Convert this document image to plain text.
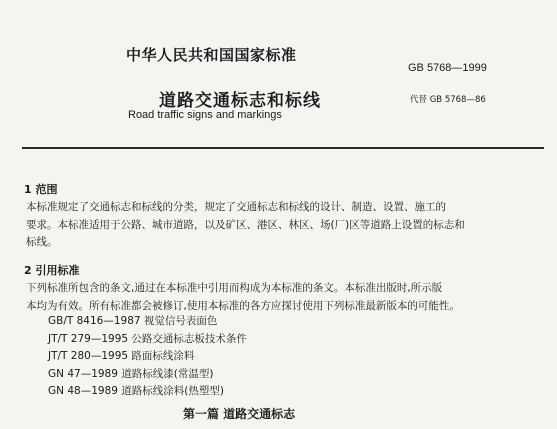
中华人民共和国国家标准
GB 5768—1999
道路交通标志和标线	代替 GB 5768—86
Road traffic signs and markings
1 范围
本标准规定了交通标志和标线的分类，规定了交通标志和标线的设计、制造、设置、施工的
要求。本标准适用于公路、城市道路，以及矿区、港区、林区、场(厂)区等道路上设置的标志和
标线。
2 引用标准
下列标准所包含的条文,通过在本标准中引用而构成为本标准的条文。本标准出版时,所示版
本均为有效。所有标准都会被修订,使用本标准的各方应探讨使用下列标准最新版本的可能性。
GB/T 8416—1987 视觉信号表面色
JT/T 279—1995 公路交通标志板技术条件
JT/T 280—1995 路面标线涂料
GN 47—1989 道路标线漆(常温型)
GN 48—1989 道路标线涂料(热塑型)
第一篇 道路交通标志
